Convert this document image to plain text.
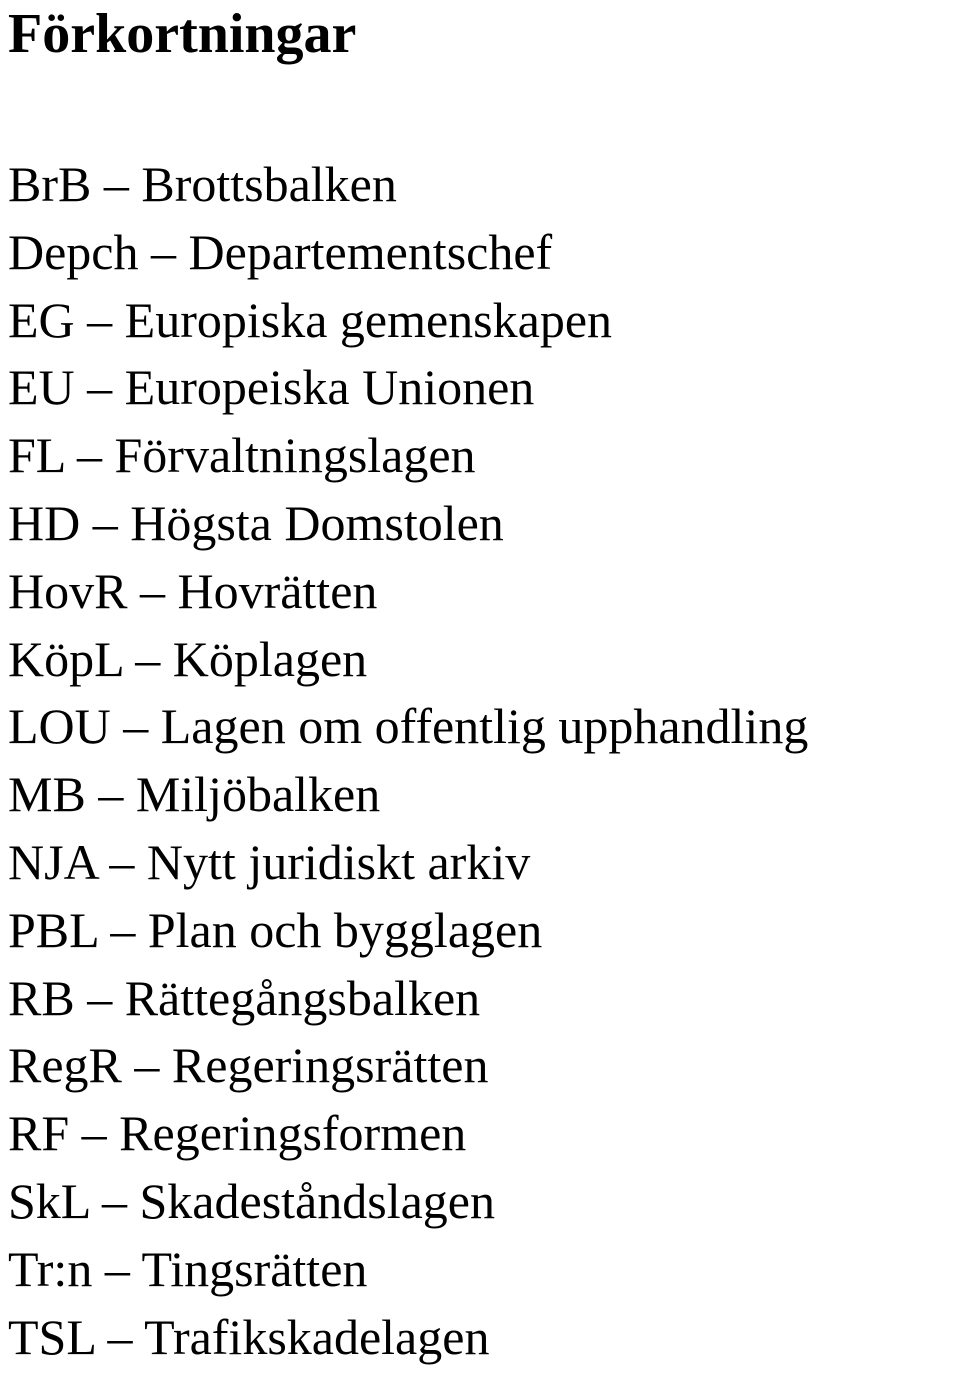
Förkortningar
BrB – Brottsbalken
Depch – Departementschef
EG – Europiska gemenskapen
EU – Europeiska Unionen
FL – Förvaltningslagen
HD – Högsta Domstolen
HovR – Hovrätten
KöpL – Köplagen
LOU – Lagen om offentlig upphandling
MB – Miljöbalken
NJA – Nytt juridiskt arkiv
PBL – Plan och bygglagen
RB – Rättegångsbalken
RegR – Regeringsrätten
RF – Regeringsformen
SkL – Skadeståndslagen
Tr:n – Tingsrätten
TSL – Trafikskadelagen
